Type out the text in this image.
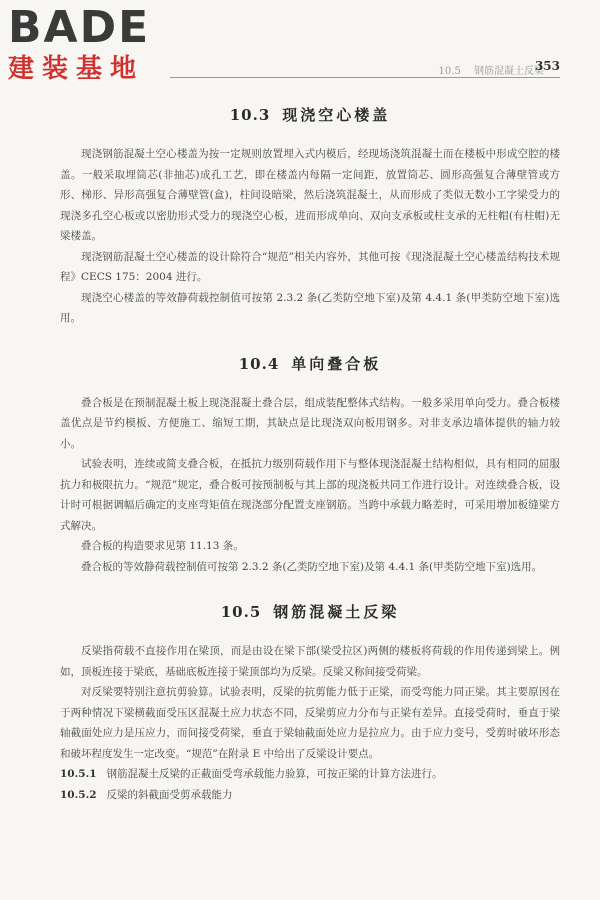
BADE
建装基地	10.5 钢筋混凝土反梁
353
10.3 现浇空心楼盖

现浇钢筋混凝土空心楼盖为按一定规则放置埋入式内模后，经现场浇筑混凝土而在楼板中形成空腔的楼盖。一般采取埋筒芯(非抽芯)成孔工艺，即在楼盖内每隔一定间距，放置筒芯、圆形高强复合薄壁管或方形、梯形、异形高强复合薄壁管(盒)，柱间设暗梁，然后浇筑混凝土，从而形成了类似无数小工字梁受力的现浇多孔空心板或以密肋形式受力的现浇空心板，进而形成单向、双向支承板或柱支承的无柱帽(有柱帽)无梁楼盖。

现浇钢筋混凝土空心楼盖的设计除符合“规范”相关内容外，其他可按《现浇混凝土空心楼盖结构技术规程》CECS 175：2004 进行。

现浇空心楼盖的等效静荷载控制值可按第 2.3.2 条(乙类防空地下室)及第 4.4.1 条(甲类防空地下室)选用。

10.4 单向叠合板

叠合板是在预制混凝土板上现浇混凝土叠合层，组成装配整体式结构。一般多采用单向受力。叠合板楼盖优点是节约模板、方便施工、缩短工期，其缺点是比现浇双向板用钢多。对非支承边墙体提供的轴力较小。

试验表明，连续或简支叠合板，在抵抗力级别荷载作用下与整体现浇混凝土结构相似，具有相同的屈服抗力和极限抗力。“规范”规定，叠合板可按预制板与其上部的现浇板共同工作进行设计。对连续叠合板，设计时可根据调幅后确定的支座弯矩值在现浇部分配置支座钢筋。当跨中承载力略差时，可采用增加板缝梁方式解决。

叠合板的构造要求见第 11.13 条。

叠合板的等效静荷载控制值可按第 2.3.2 条(乙类防空地下室)及第 4.4.1 条(甲类防空地下室)选用。

10.5 钢筋混凝土反梁

反梁指荷载不直接作用在梁顶，而是由设在梁下部(梁受拉区)两侧的楼板将荷载的作用传递到梁上。例如，顶板连接于梁底，基础底板连接于梁顶部均为反梁。反梁又称间接受荷梁。

对反梁要特别注意抗剪验算。试验表明，反梁的抗剪能力低于正梁，而受弯能力同正梁。其主要原因在于两种情况下梁横截面受压区混凝土应力状态不同，反梁剪应力分布与正梁有差异。直接受荷时，垂直于梁轴截面处应力是压应力，而间接受荷梁，垂直于梁轴截面处应力是拉应力。由于应力变号，受剪时破坏形态和破坏程度发生一定改变。“规范”在附录 E 中给出了反梁设计要点。

10.5.1 钢筋混凝土反梁的正截面受弯承载能力验算，可按正梁的计算方法进行。

10.5.2 反梁的斜截面受剪承载能力
